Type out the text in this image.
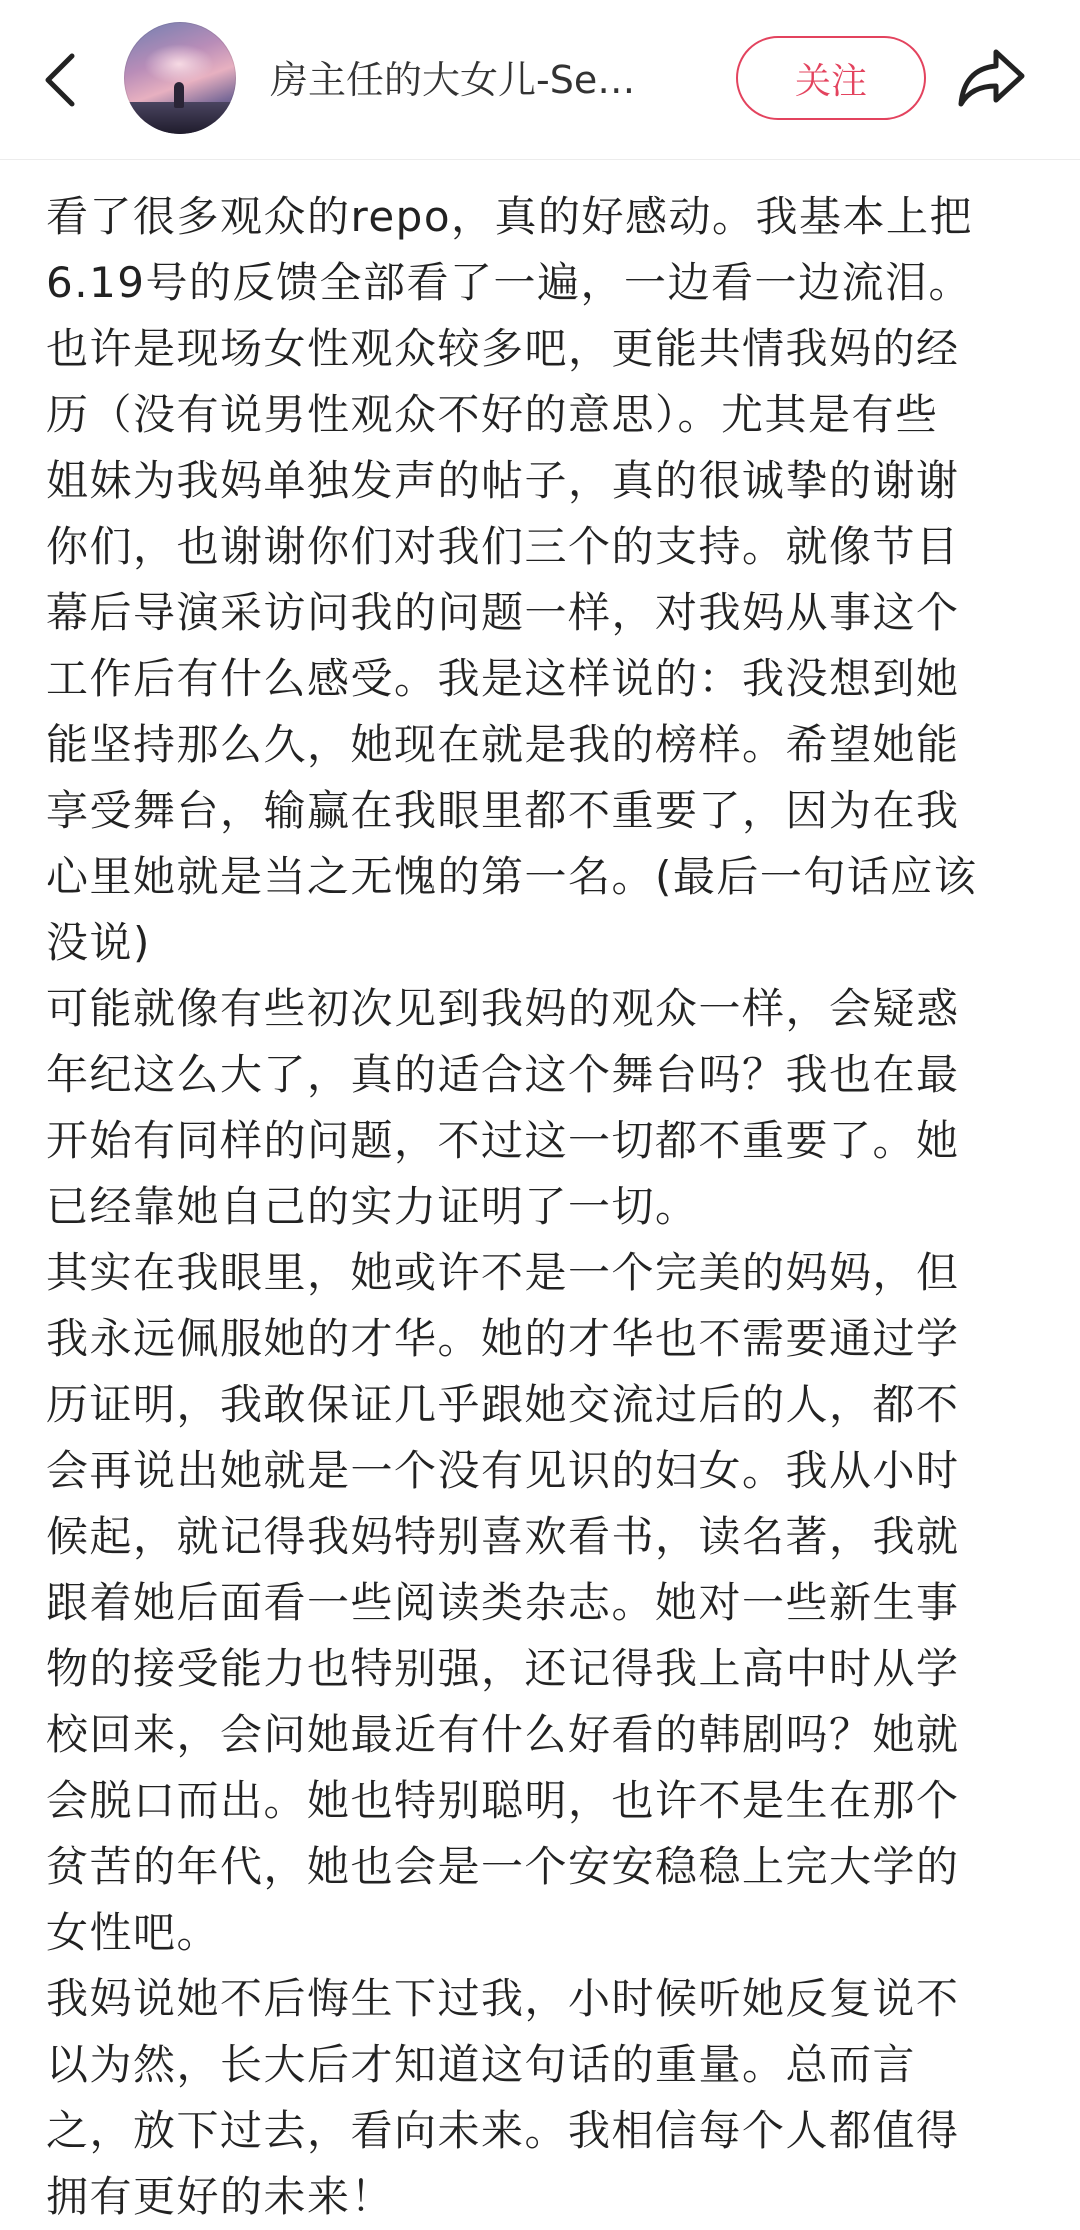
房主任的大女儿-Se…	关注

看了很多观众的repo，真的好感动。我基本上把
6.19号的反馈全部看了一遍，一边看一边流泪。
也许是现场女性观众较多吧，更能共情我妈的经
历（没有说男性观众不好的意思）。尤其是有些
姐妹为我妈单独发声的帖子，真的很诚挚的谢谢
你们，也谢谢你们对我们三个的支持。就像节目
幕后导演采访问我的问题一样，对我妈从事这个
工作后有什么感受。我是这样说的：我没想到她
能坚持那么久，她现在就是我的榜样。希望她能
享受舞台，输赢在我眼里都不重要了，因为在我
心里她就是当之无愧的第一名。(最后一句话应该
没说)

可能就像有些初次见到我妈的观众一样，会疑惑
年纪这么大了，真的适合这个舞台吗？我也在最
开始有同样的问题，不过这一切都不重要了。她
已经靠她自己的实力证明了一切。

其实在我眼里，她或许不是一个完美的妈妈，但
我永远佩服她的才华。她的才华也不需要通过学
历证明，我敢保证几乎跟她交流过后的人，都不
会再说出她就是一个没有见识的妇女。我从小时
候起，就记得我妈特别喜欢看书，读名著，我就
跟着她后面看一些阅读类杂志。她对一些新生事
物的接受能力也特别强，还记得我上高中时从学
校回来，会问她最近有什么好看的韩剧吗？她就
会脱口而出。她也特别聪明，也许不是生在那个
贫苦的年代，她也会是一个安安稳稳上完大学的
女性吧。

我妈说她不后悔生下过我，小时候听她反复说不
以为然，长大后才知道这句话的重量。总而言
之，放下过去，看向未来。我相信每个人都值得
拥有更好的未来！
